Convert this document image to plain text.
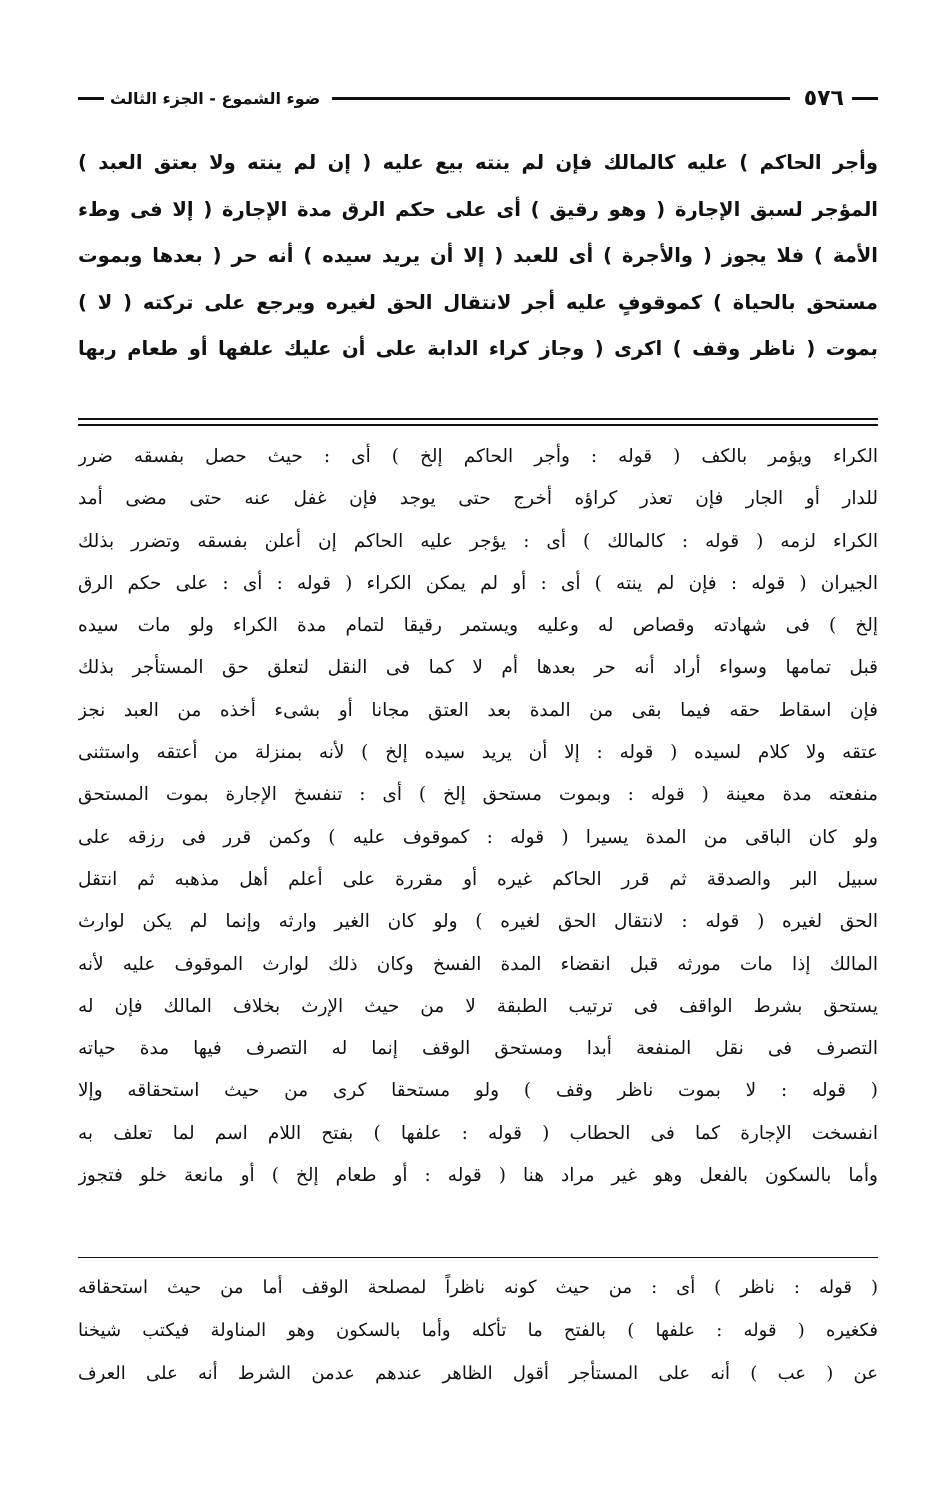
٥٧٦
ضوء الشموع - الجزء الثالث
وأجر الحاكم ) عليه كالمالك فإن لم ينته بيع عليه ( إن لم ينته ولا بعتق العبد )
المؤجر لسبق الإجارة ( وهو رقيق ) أى على حكم الرق مدة الإجارة ( إلا فى وطء
الأمة ) فلا يجوز ( والأجرة ) أى للعبد ( إلا أن يريد سيده ) أنه حر ( بعدها وبموت
مستحق بالحياة ) كموقوفٍ عليه أجر لانتقال الحق لغيره ويرجع على تركته ( لا )
بموت ( ناظر وقف ) اكرى ( وجاز كراء الدابة على أن عليك علفها أو طعام ربها
الكراء ويؤمر بالكف ( قوله : وأجر الحاكم إلخ ) أى : حيث حصل بفسقه ضرر
للدار أو الجار فإن تعذر كراؤه أخرج حتى يوجد فإن غفل عنه حتى مضى أمد
الكراء لزمه ( قوله : كالمالك ) أى : يؤجر عليه الحاكم إن أعلن بفسقه وتضرر بذلك
الجيران ( قوله : فإن لم ينته ) أى : أو لم يمكن الكراء ( قوله : أى : على حكم الرق
إلخ ) فى شهادته وقصاص له وعليه ويستمر رقيقا لتمام مدة الكراء ولو مات سيده
قبل تمامها وسواء أراد أنه حر بعدها أم لا كما فى النقل لتعلق حق المستأجر بذلك
فإن اسقاط حقه فيما بقى من المدة بعد العتق مجانا أو بشىء أخذه من العبد نجز
عتقه ولا كلام لسيده ( قوله : إلا أن يريد سيده إلخ ) لأنه بمنزلة من أعتقه واستثنى
منفعته مدة معينة ( قوله : وبموت مستحق إلخ ) أى : تنفسخ الإجارة بموت المستحق
ولو كان الباقى من المدة يسيرا ( قوله : كموقوف عليه ) وكمن قرر فى رزقه على
سبيل البر والصدقة ثم قرر الحاكم غيره أو مقررة على أعلم أهل مذهبه ثم انتقل
الحق لغيره ( قوله : لانتقال الحق لغيره ) ولو كان الغير وارثه وإنما لم يكن لوارث
المالك إذا مات مورثه قبل انقضاء المدة الفسخ وكان ذلك لوارث الموقوف عليه لأنه
يستحق بشرط الواقف فى ترتيب الطبقة لا من حيث الإرث بخلاف المالك فإن له
التصرف فى نقل المنفعة أبدا ومستحق الوقف إنما له التصرف فيها مدة حياته
( قوله : لا بموت ناظر وقف ) ولو مستحقا كرى من حيث استحقاقه وإلا
انفسخت الإجارة كما فى الحطاب ( قوله : علفها ) بفتح اللام اسم لما تعلف به
وأما بالسكون بالفعل وهو غير مراد هنا ( قوله : أو طعام إلخ ) أو مانعة خلو فتجوز
( قوله : ناظر ) أى : من حيث كونه ناظراً لمصلحة الوقف أما من حيث استحقاقه
فكغيره ( قوله : علفها ) بالفتح ما تأكله وأما بالسكون وهو المناولة فيكتب شيخنا
عن ( عب ) أنه على المستأجر أقول الظاهر عندهم عدمن الشرط أنه على العرف
